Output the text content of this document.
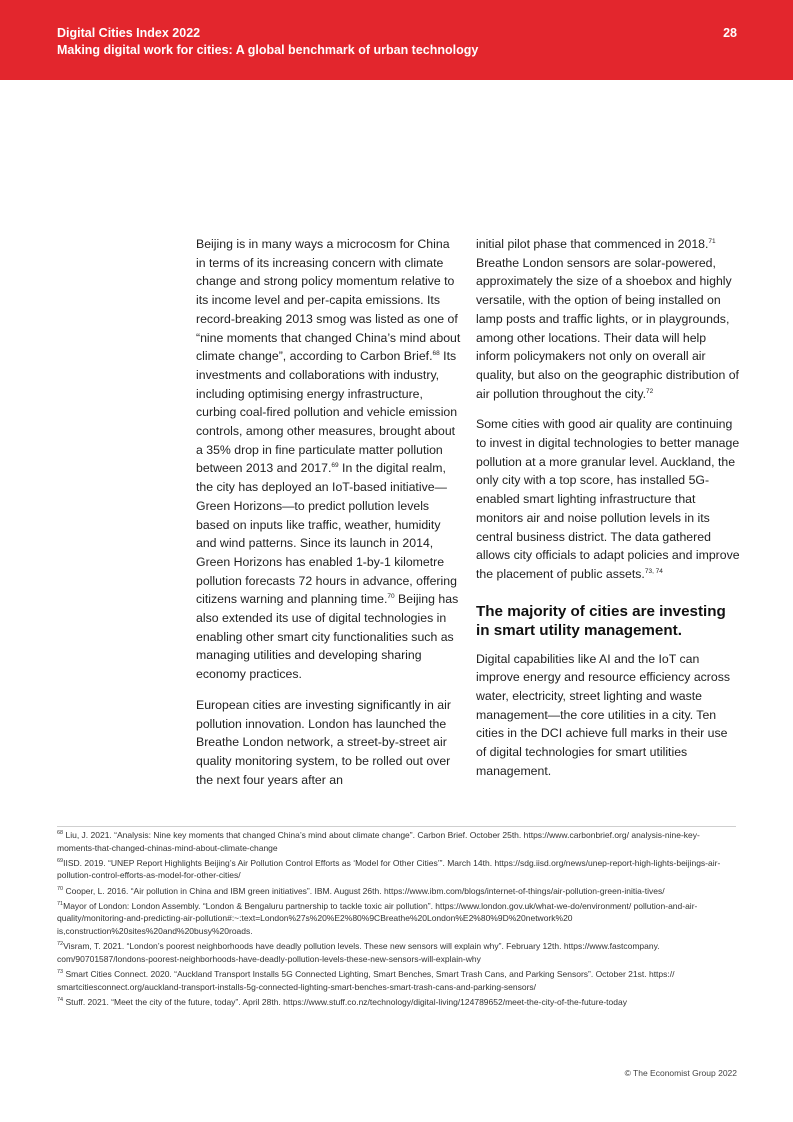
Digital Cities Index 2022
Making digital work for cities: A global benchmark of urban technology
28

Beijing is in many ways a microcosm for China in terms of its increasing concern with climate change and strong policy momentum relative to its income level and per-capita emissions. Its record-breaking 2013 smog was listed as one of “nine moments that changed China’s mind about climate change”, according to Carbon Brief.$^{68}$ Its investments and collaborations with industry, including optimising energy infrastructure, curbing coal-fired pollution and vehicle emission controls, among other measures, brought about a 35% drop in fine particulate matter pollution between 2013 and 2017.69 In the digital realm, the city has deployed an IoT-based initiative—Green Horizons—to predict pollution levels based on inputs like traffic, weather, humidity and wind patterns. Since its launch in 2014, Green Horizons has enabled 1-by-1 kilometre pollution forecasts 72 hours in advance, offering citizens warning and planning time.$^{70}$ Beijing has also extended its use of digital technologies in enabling other smart city functionalities such as managing utilities and developing sharing economy practices.

European cities are investing significantly in air pollution innovation. London has launched the Breathe London network, a street-by-street air quality monitoring system, to be rolled out over the next four years after an

initial pilot phase that commenced in 2018.71 Breathe London sensors are solar-powered, approximately the size of a shoebox and highly versatile, with the option of being installed on lamp posts and traffic lights, or in playgrounds, among other locations. Their data will help inform policymakers not only on overall air quality, but also on the geographic distribution of air pollution throughout the city.$^{72}$

Some cities with good air quality are continuing to invest in digital technologies to better manage pollution at a more granular level. Auckland, the only city with a top score, has installed 5G-enabled smart lighting infrastructure that monitors air and noise pollution levels in its central business district. The data gathered allows city officials to adapt policies and improve the placement of public assets.$^{73, 74}$

The majority of cities are investing in smart utility management.

Digital capabilities like AI and the IoT can improve energy and resource efficiency across water, electricity, street lighting and waste management—the core utilities in a city. Ten cities in the DCI achieve full marks in their use of digital technologies for smart utilities management.

$^{68}$ Liu, J. 2021. “Analysis: Nine key moments that changed China’s mind about climate change”. Carbon Brief. October 25th. https://www.carbonbrief.org/ analysis-nine-key-moments-that-changed-chinas-mind-about-climate-change
$^{69}$IISD. 2019. “UNEP Report Highlights Beijing’s Air Pollution Control Efforts as ‘Model for Other Cities’”. March 14th. https://sdg.iisd.org/news/unep-report-high-lights-beijings-air-pollution-control-efforts-as-model-for-other-cities/
$^{70}$ Cooper, L. 2016. “Air pollution in China and IBM green initiatives”. IBM. August 26th. https://www.ibm.com/blogs/internet-of-things/air-pollution-green-initia-tives/
$^{71}$Mayor of London: London Assembly. “London & Bengaluru partnership to tackle toxic air pollution”. https://www.london.gov.uk/what-we-do/environment/ pollution-and-air-quality/monitoring-and-predicting-air-pollution#:~:text=London%27s%20%E2%80%9CBreathe%20London%E2%80%9D%20network%20 is,construction%20sites%20and%20busy%20roads.
$^{72}$Visram, T. 2021. “London’s poorest neighborhoods have deadly pollution levels. These new sensors will explain why”. February 12th. https://www.fastcompany. com/90701587/londons-poorest-neighborhoods-have-deadly-pollution-levels-these-new-sensors-will-explain-why
$^{73}$ Smart Cities Connect. 2020. “Auckland Transport Installs 5G Connected Lighting, Smart Benches, Smart Trash Cans, and Parking Sensors”. October 21st. https:// smartcitiesconnect.org/auckland-transport-installs-5g-connected-lighting-smart-benches-smart-trash-cans-and-parking-sensors/
$^{74}$ Stuff. 2021. “Meet the city of the future, today”. April 28th. https://www.stuff.co.nz/technology/digital-living/124789652/meet-the-city-of-the-future-today
© The Economist Group 2022
